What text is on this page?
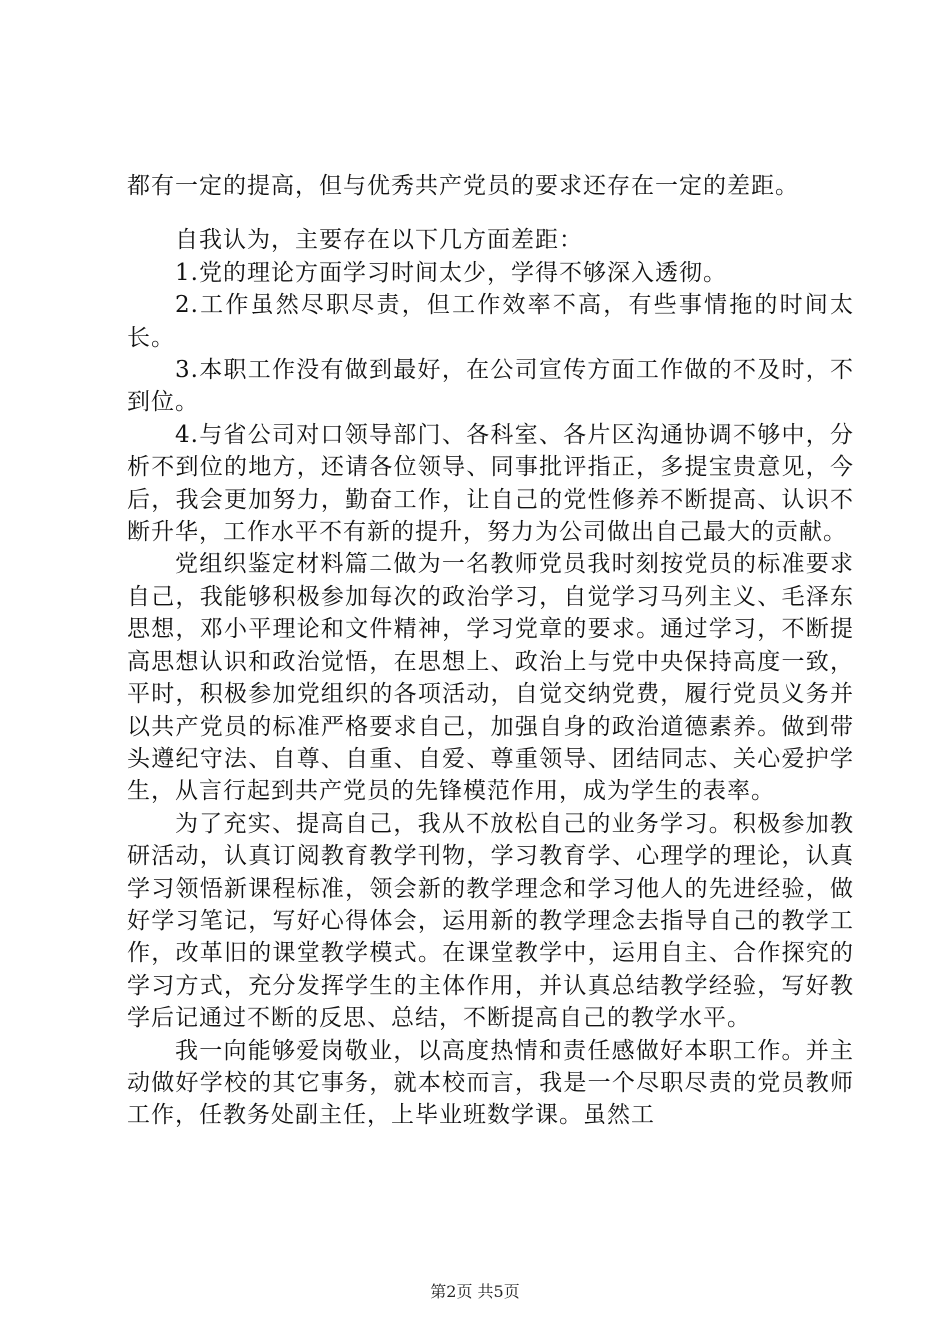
都有一定的提高，但与优秀共产党员的要求还存在一定的差距。

自我认为，主要存在以下几方面差距：

1.党的理论方面学习时间太少，学得不够深入透彻。

2.工作虽然尽职尽责，但工作效率不高，有些事情拖的时间太长。

3.本职工作没有做到最好，在公司宣传方面工作做的不及时，不到位。

4.与省公司对口领导部门、各科室、各片区沟通协调不够中，分析不到位的地方，还请各位领导、同事批评指正，多提宝贵意见，今后，我会更加努力，勤奋工作，让自己的党性修养不断提高、认识不断升华，工作水平不有新的提升，努力为公司做出自己最大的贡献。

党组织鉴定材料篇二做为一名教师党员我时刻按党员的标准要求自己，我能够积极参加每次的政治学习，自觉学习马列主义、毛泽东思想，邓小平理论和文件精神，学习党章的要求。通过学习，不断提高思想认识和政治觉悟，在思想上、政治上与党中央保持高度一致，平时，积极参加党组织的各项活动，自觉交纳党费，履行党员义务并以共产党员的标准严格要求自己，加强自身的政治道德素养。做到带头遵纪守法、自尊、自重、自爱、尊重领导、团结同志、关心爱护学生，从言行起到共产党员的先锋模范作用，成为学生的表率。

为了充实、提高自己，我从不放松自己的业务学习。积极参加教研活动，认真订阅教育教学刊物，学习教育学、心理学的理论，认真学习领悟新课程标准，领会新的教学理念和学习他人的先进经验，做好学习笔记，写好心得体会，运用新的教学理念去指导自己的教学工作，改革旧的课堂教学模式。在课堂教学中，运用自主、合作探究的学习方式，充分发挥学生的主体作用，并认真总结教学经验，写好教学后记通过不断的反思、总结，不断提高自己的教学水平。

我一向能够爱岗敬业，以高度热情和责任感做好本职工作。并主动做好学校的其它事务，就本校而言，我是一个尽职尽责的党员教师工作，任教务处副主任，上毕业班数学课。虽然工

第2页 共5页
